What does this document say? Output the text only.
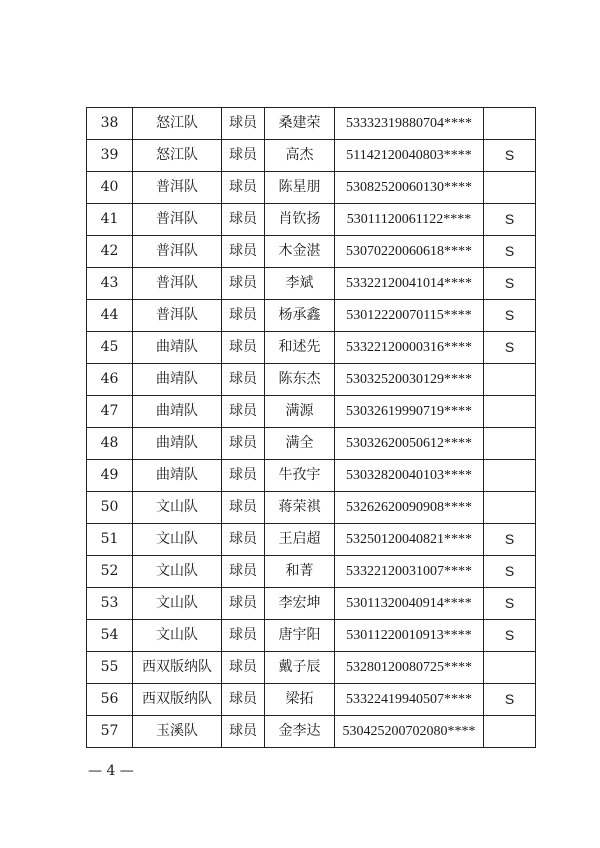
38	怒江队	球员	桑建荣	53332319880704****	
39	怒江队	球员	高杰	51142120040803****	S
40	普洱队	球员	陈星朋	53082520060130****	
41	普洱队	球员	肖钦扬	53011120061122****	S
42	普洱队	球员	木金湛	53070220060618****	S
43	普洱队	球员	李斌	53322120041014****	S
44	普洱队	球员	杨承鑫	53012220070115****	S
45	曲靖队	球员	和述先	53322120000316****	S
46	曲靖队	球员	陈东杰	53032520030129****	
47	曲靖队	球员	满源	53032619990719****	
48	曲靖队	球员	满全	53032620050612****	
49	曲靖队	球员	牛孜宇	53032820040103****	
50	文山队	球员	蒋荣祺	53262620090908****	
51	文山队	球员	王启超	53250120040821****	S
52	文山队	球员	和菁	53322120031007****	S
53	文山队	球员	李宏坤	53011320040914****	S
54	文山队	球员	唐宇阳	53011220010913****	S
55	西双版纳队	球员	戴子辰	53280120080725****	
56	西双版纳队	球员	梁拓	53322419940507****	S
57	玉溪队	球员	金李达	530425200702080****	
— 4 —
